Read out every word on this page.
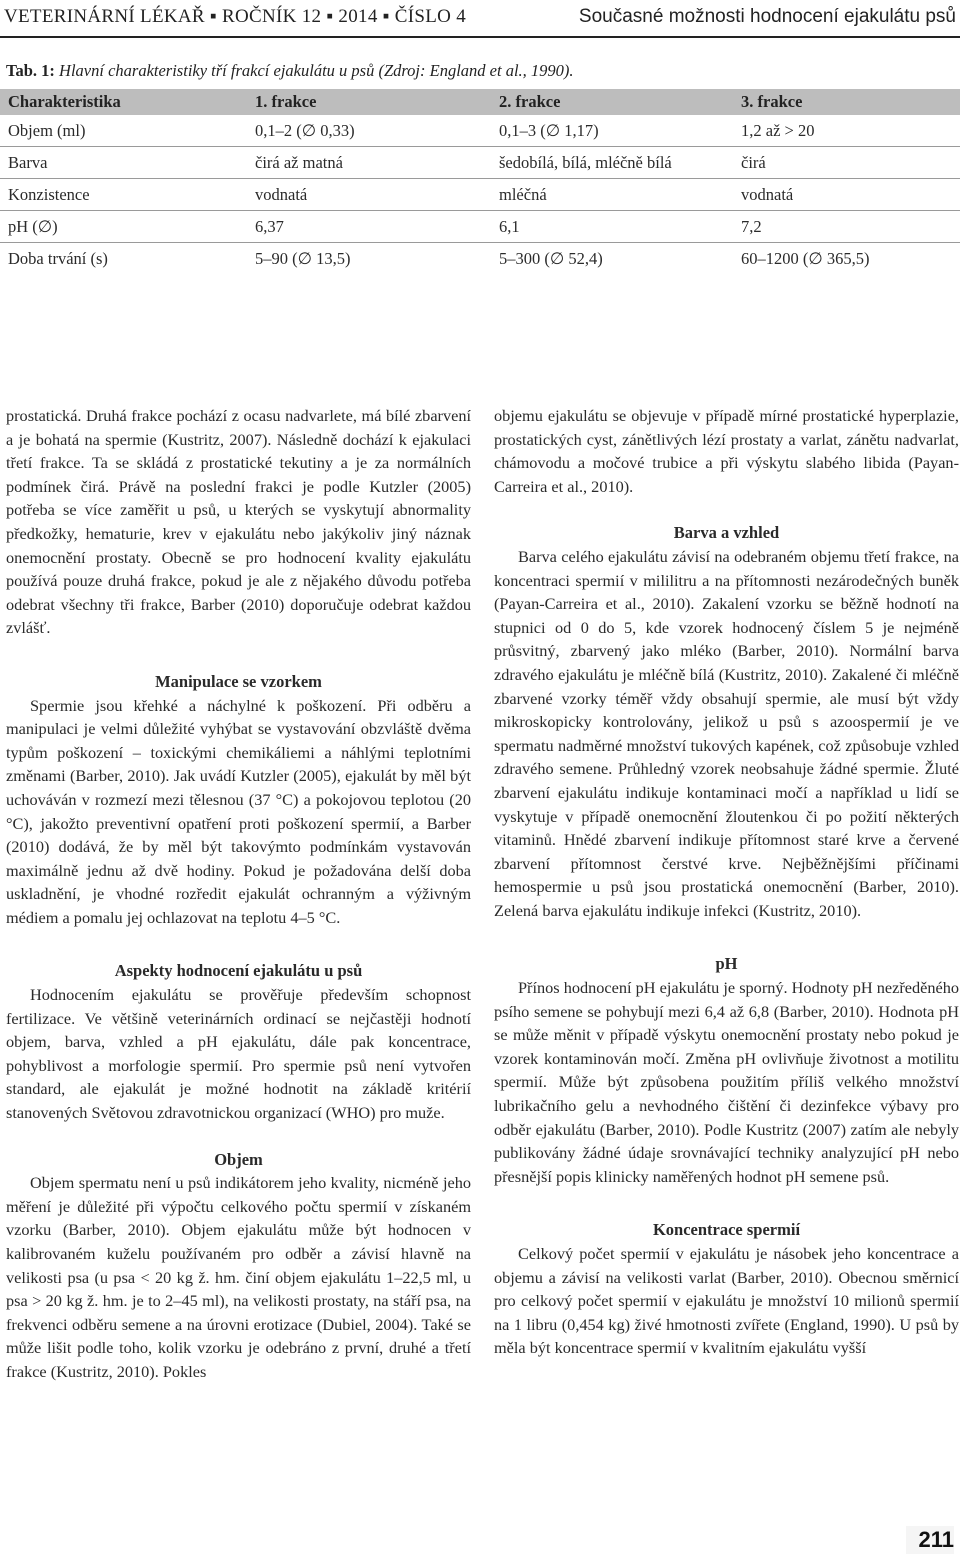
VETERINÁRNÍ LÉKAŘ ▪ ROČNÍK 12 ▪ 2014 ▪ ČÍSLO 4	Současné možnosti hodnocení ejakulátu psů
Tab. 1: Hlavní charakteristiky tří frakcí ejakulátu u psů (Zdroj: England et al., 1990).
Charakteristika	1. frakce	2. frakce	3. frakce
Objem (ml)	0,1–2 (∅ 0,33)	0,1–3 (∅ 1,17)	1,2 až > 20
Barva	čirá až matná	šedobílá, bílá, mléčně bílá	čirá
Konzistence	vodnatá	mléčná	vodnatá
pH (∅)	6,37	6,1	7,2
Doba trvání (s)	5–90 (∅ 13,5)	5–300 (∅ 52,4)	60–1200 (∅ 365,5)

prostatická. Druhá frakce pochází z ocasu nadvarlete, má bílé zbarvení a je bohatá na spermie (Kustritz, 2007). Následně dochází k ejakulaci třetí frakce. Ta se skládá z prostatické tekutiny a je za normálních podmínek čirá. Právě na poslední frakci je podle Kutzler (2005) potřeba se více zaměřit u psů, u kterých se vyskytují abnormality předkožky, hematurie, krev v ejakulátu nebo jakýkoliv jiný náznak onemocnění prostaty. Obecně se pro hodnocení kvality ejakulátu používá pouze druhá frakce, pokud je ale z nějakého důvodu potřeba odebrat všechny tři frakce, Barber (2010) doporučuje odebrat každou zvlášť.

Manipulace se vzorkem

Spermie jsou křehké a náchylné k poškození. Při odběru a manipulaci je velmi důležité vyhýbat se vystavování obzvláště dvěma typům poškození – toxickými chemikáliemi a náhlými teplotními změnami (Barber, 2010). Jak uvádí Kutzler (2005), ejakulát by měl být uchováván v rozmezí mezi tělesnou (37 °C) a pokojovou teplotou (20 °C), jakožto preventivní opatření proti poškození spermií, a Barber (2010) dodává, že by měl být takovýmto podmínkám vystavován maximálně jednu až dvě hodiny. Pokud je požadována delší doba uskladnění, je vhodné rozředit ejakulát ochranným a výživným médiem a pomalu jej ochlazovat na teplotu 4–5 °C.

Aspekty hodnocení ejakulátu u psů

Hodnocením ejakulátu se prověřuje především schopnost fertilizace. Ve většině veterinárních ordinací se nejčastěji hodnotí objem, barva, vzhled a pH ejakulátu, dále pak koncentrace, pohyblivost a morfologie spermií. Pro spermie psů není vytvořen standard, ale ejakulát je možné hodnotit na základě kritérií stanovených Světovou zdravotnickou organizací (WHO) pro muže.

Objem

Objem spermatu není u psů indikátorem jeho kvality, nicméně jeho měření je důležité při výpočtu celkového počtu spermií v získaném vzorku (Barber, 2010). Objem ejakulátu může být hodnocen v kalibrovaném kuželu používaném pro odběr a závisí hlavně na velikosti psa (u psa < 20 kg ž. hm. činí objem ejakulátu 1–22,5 ml, u psa > 20 kg ž. hm. je to 2–45 ml), na velikosti prostaty, na stáří psa, na frekvenci odběru semene a na úrovni erotizace (Dubiel, 2004). Také se může lišit podle toho, kolik vzorku je odebráno z první, druhé a třetí frakce (Kustritz, 2010). Pokles

objemu ejakulátu se objevuje v případě mírné prostatické hyperplazie, prostatických cyst, zánětlivých lézí prostaty a varlat, zánětu nadvarlat, chámovodu a močové trubice a při výskytu slabého libida (Payan-Carreira et al., 2010).

Barva a vzhled

Barva celého ejakulátu závisí na odebraném objemu třetí frakce, na koncentraci spermií v mililitru a na přítomnosti nezárodečných buněk (Payan-Carreira et al., 2010). Zakalení vzorku se běžně hodnotí na stupnici od 0 do 5, kde vzorek hodnocený číslem 5 je nejméně průsvitný, zbarvený jako mléko (Barber, 2010). Normální barva zdravého ejakulátu je mléčně bílá (Kustritz, 2010). Zakalené či mléčně zbarvené vzorky téměř vždy obsahují spermie, ale musí být vždy mikroskopicky kontrolovány, jelikož u psů s azoospermií je ve spermatu nadměrné množství tukových kapének, což způsobuje vzhled zdravého semene. Průhledný vzorek neobsahuje žádné spermie. Žluté zbarvení ejakulátu indikuje kontaminaci močí a například u lidí se vyskytuje v případě onemocnění žloutenkou či po požití některých vitaminů. Hnědé zbarvení indikuje přítomnost staré krve a červené zbarvení přítomnost čerstvé krve. Nejběžnějšími příčinami hemospermie u psů jsou prostatická onemocnění (Barber, 2010). Zelená barva ejakulátu indikuje infekci (Kustritz, 2010).

pH

Přínos hodnocení pH ejakulátu je sporný. Hodnoty pH nezředěného psího semene se pohybují mezi 6,4 až 6,8 (Barber, 2010). Hodnota pH se může měnit v případě výskytu onemocnění prostaty nebo pokud je vzorek kontaminován močí. Změna pH ovlivňuje životnost a motilitu spermií. Může být způsobena použitím příliš velkého množství lubrikačního gelu a nevhodného čištění či dezinfekce výbavy pro odběr ejakulátu (Barber, 2010). Podle Kustritz (2007) zatím ale nebyly publikovány žádné údaje srovnávající techniky analyzující pH nebo přesnější popis klinicky naměřených hodnot pH semene psů.

Koncentrace spermií

Celkový počet spermií v ejakulátu je násobek jeho koncentrace a objemu a závisí na velikosti varlat (Barber, 2010). Obecnou směrnicí pro celkový počet spermií v ejakulátu je množství 10 milionů spermií na 1 libru (0,454 kg) živé hmotnosti zvířete (England, 1990). U psů by měla být koncentrace spermií v kvalitním ejakulátu vyšší

211
